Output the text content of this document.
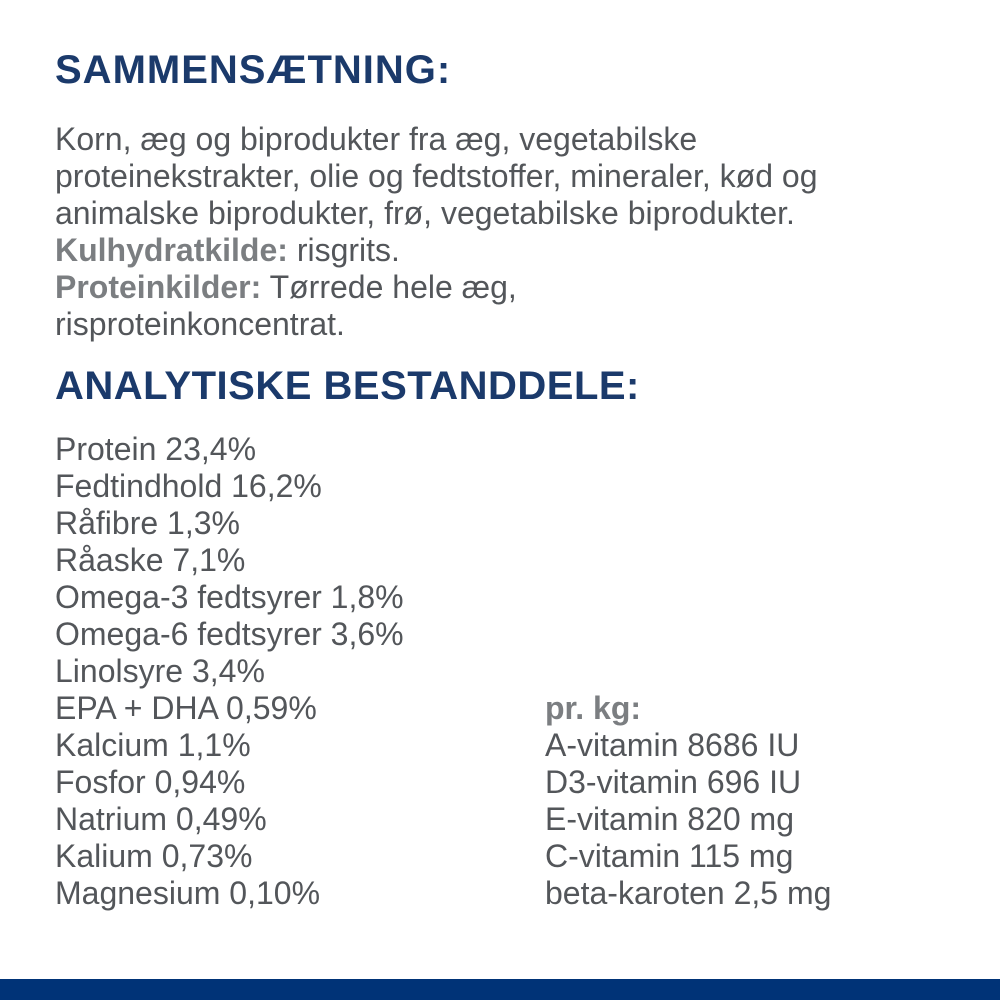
SAMMENSÆTNING:

Korn, æg og biprodukter fra æg, vegetabilske proteinekstrakter, olie og fedtstoffer, mineraler, kød og animalske biprodukter, frø, vegetabilske biprodukter.

Kulhydratkilde: risgrits.
Proteinkilder: Tørrede hele æg, risproteinkoncentrat.
ANALYTISKE BESTANDDELE:
Protein 23,4%
Fedtindhold 16,2%
Råfibre 1,3%
Råaske 7,1%
Omega-3 fedtsyrer 1,8%
Omega-6 fedtsyrer 3,6%
Linolsyre 3,4%
EPA + DHA 0,59%
Kalcium 1,1%
Fosfor 0,94%
Natrium 0,49%
Kalium 0,73%
Magnesium 0,10%
pr. kg:
A-vitamin 8686 IU
D3-vitamin 696 IU
E-vitamin 820 mg
C-vitamin 115 mg
beta-karoten 2,5 mg
